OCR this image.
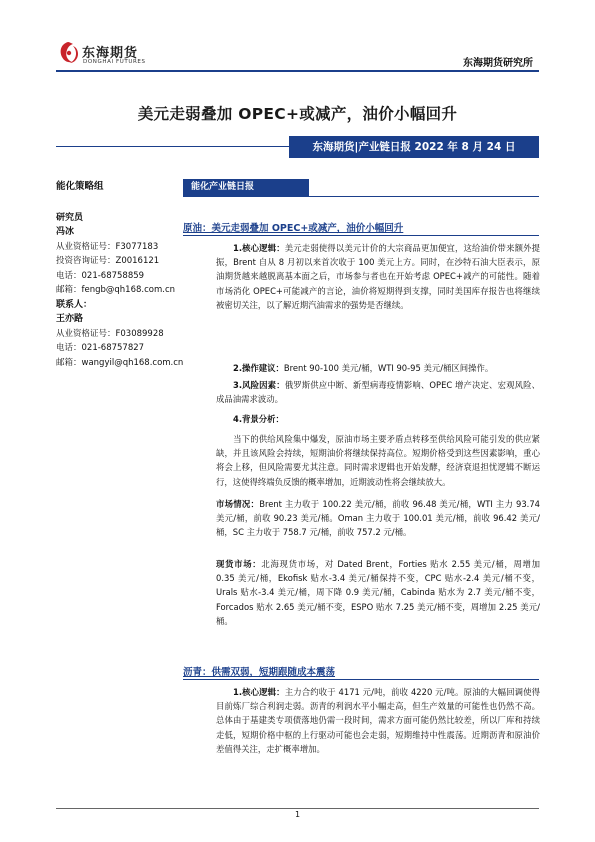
东海期货
DONGHAI FUTURES	东海期货研究所
美元走弱叠加 OPEC+或减产，油价小幅回升
东海期货|产业链日报 2022 年 8 月 24 日
能化策略组
研究员
冯冰
从业资格证号：F3077183
投资咨询证号：Z0016121
电话：021-68758859
邮箱：fengb@qh168.com.cn
联系人：
王亦路
从业资格证号：F03089928
电话：021-68757827
邮箱：wangyil@qh168.com.cn
能化产业链日报
原油：美元走弱叠加 OPEC+或减产，油价小幅回升
1.核心逻辑：美元走弱使得以美元计价的大宗商品更加便宜，这给油价带来额外提振，Brent 自从 8 月初以来首次收于 100 美元上方。同时，在沙特石油大臣表示，原油期货越来越脱离基本面之后，市场参与者也在开始考虑 OPEC+减产的可能性。随着市场消化 OPEC+可能减产的言论，油价将短期得到支撑，同时美国库存报告也将继续被密切关注，以了解近期汽油需求的强势是否继续。
2.操作建议：Brent 90-100 美元/桶，WTI 90-95 美元/桶区间操作。
3.风险因素：俄罗斯供应中断、新型病毒疫情影响、OPEC 增产决定、宏观风险、成品油需求波动。
4.背景分析：
当下的供给风险集中爆发，原油市场主要矛盾点转移至供给风险可能引发的供应紧缺，并且该风险会持续，短期油价将继续保持高位。短期价格受到这些因素影响，重心将会上移，但风险需要尤其注意。同时需求逻辑也开始发酵，经济衰退担忧逻辑不断运行，这使得终端负反馈的概率增加，近期波动性将会继续放大。
市场情况：Brent 主力收于 100.22 美元/桶，前收 96.48 美元/桶，WTI 主力 93.74 美元/桶，前收 90.23 美元/桶。Oman 主力收于 100.01 美元/桶，前收 96.42 美元/桶，SC 主力收于 758.7 元/桶，前收 757.2 元/桶。
现货市场：北海现货市场，对 Dated Brent，Forties 贴水 2.55 美元/桶，周增加 0.35 美元/桶，Ekofisk 贴水-3.4 美元/桶保持不变，CPC 贴水-2.4 美元/桶不变，Urals 贴水-3.4 美元/桶，周下降 0.9 美元/桶，Cabinda 贴水为 2.7 美元/桶不变，Forcados 贴水 2.65 美元/桶不变，ESPO 贴水 7.25 美元/桶不变，周增加 2.25 美元/桶。
沥青：供需双弱，短期跟随成本震荡
1.核心逻辑：主力合约收于 4171 元/吨，前收 4220 元/吨。原油的大幅回调使得目前炼厂综合利润走弱。沥青的利润水平小幅走高，但生产效量的可能性也仍然不高。总体由于基建类专项债落地仍需一段时间，需求方面可能仍然比较差，所以厂库和持续走低，短期价格中枢的上行驱动可能也会走弱，短期维持中性震荡。近期沥青和原油价差值得关注，走扩概率增加。
1
